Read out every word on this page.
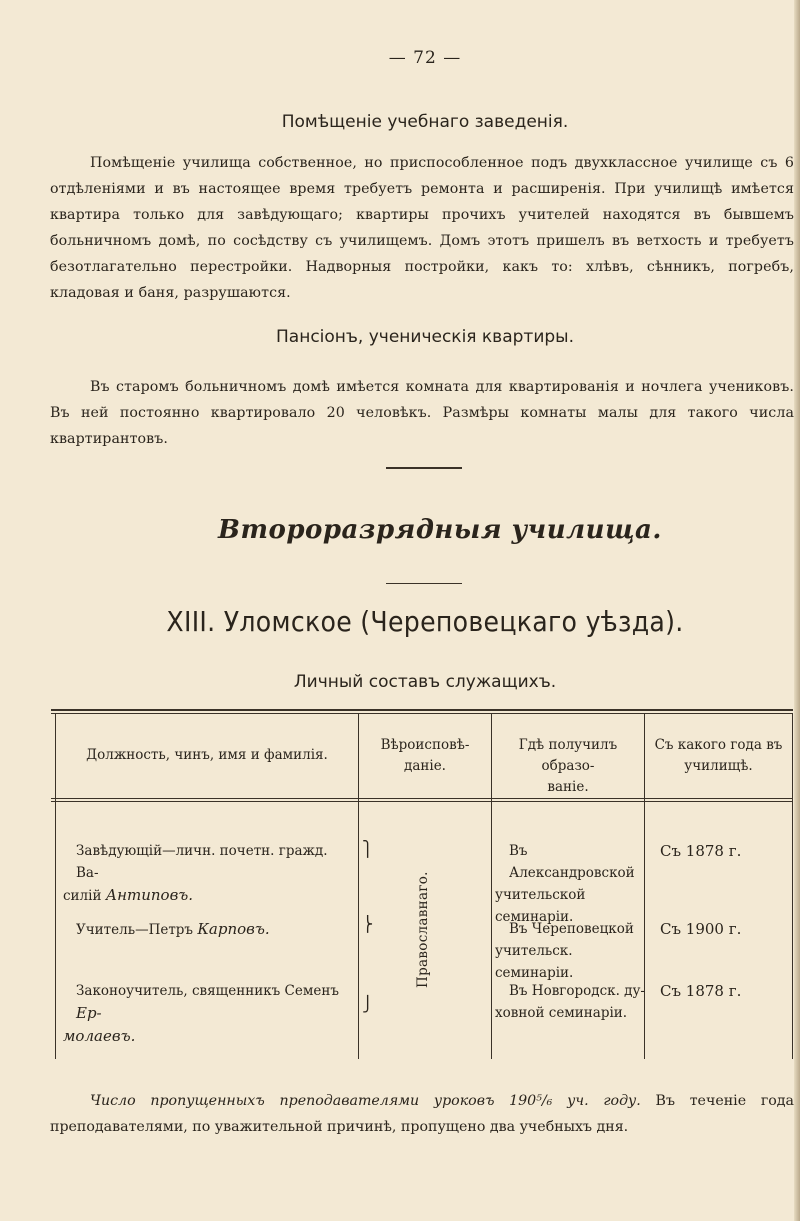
— 72 —
Помѣщеніе учебнаго заведенія.
Помѣщеніе училища собственное, но приспособленное подъ двухклассное училище съ 6 отдѣленіями и въ настоящее время требуетъ ремонта и расширенія. При училищѣ имѣется квартира только для завѣдующаго; квартиры прочихъ учителей находятся въ бывшемъ больничномъ домѣ, по сосѣдству съ училищемъ. Домъ этотъ пришелъ въ ветхость и требуетъ безотлагательно перестройки. Надворныя постройки, какъ то: хлѣвъ, сѣнникъ, погребъ, кладовая и баня, разрушаются.
Пансіонъ, ученическія квартиры.
Въ старомъ больничномъ домѣ имѣется комната для квартированія и ночлега учениковъ. Въ ней постоянно квартировало 20 человѣкъ. Размѣры комнаты малы для такого числа квартирантовъ.
Второразрядныя училища.
XIII. Уломское (Череповецкаго уѣзда).
Личный составъ служащихъ.
Должность, чинъ, имя и фамилія.
Вѣроисповѣ-
даніе.
Гдѣ получилъ образо-
ваніе.
Съ какого года въ
училищѣ.
Православнаго.
⎫
⎬
⎭
Завѣдующій—личн. почетн. гражд. Ва-
силій Антиповъ.
Въ Александровской
учительской семинаріи.
Съ 1878 г.
Учитель—Петръ Карповъ.	Въ Череповецкой
учительск. семинаріи.
Съ 1900 г.
Законоучитель, священникъ Семенъ Ер-
молаевъ.
Въ Новгородск. ду-
ховной семинаріи.
Съ 1878 г.
Число пропущенныхъ преподавателями уроковъ 190⁵/₆ уч. году. Въ теченіе года преподавателями, по уважительной причинѣ, пропущено два учебныхъ дня.
